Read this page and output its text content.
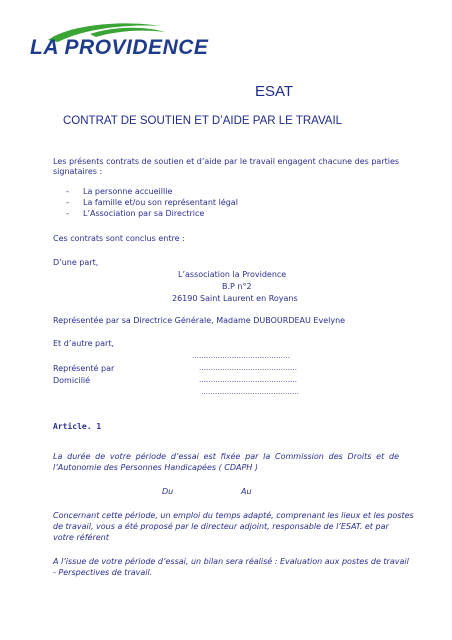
LA PROVIDENCE
ESAT
CONTRAT DE SOUTIEN ET D’AIDE PAR LE TRAVAIL
Les présents contrats de soutien et d’aide par le travail engagent chacune des parties
signataires :
- La personne accueillie
- La famille et/ou son représentant légal
- L’Association par sa Directrice
Ces contrats sont conclus entre :
D’une part,
L’association la Providence
B.P n°2
26190 Saint Laurent en Royans
Représentée par sa Directrice Générale, Madame DUBOURDEAU Evelyne
Et d’autre part,
……………………………………
Représenté par	……………………………………
Domicilié	……………………………………
……………………………………
Article. 1
La durée de votre période d’essai est fixée par la Commission des Droits et de
l’Autonomie des Personnes Handicapées ( CDAPH )
Du	Au
Concernant cette période, un emploi du temps adapté, comprenant les lieux et les postes
de travail, vous a été proposé par le directeur adjoint, responsable de l’ESAT. et par
votre référent
A l’issue de votre période d’essai, un bilan sera réalisé : Evaluation aux postes de travail
- Perspectives de travail.
